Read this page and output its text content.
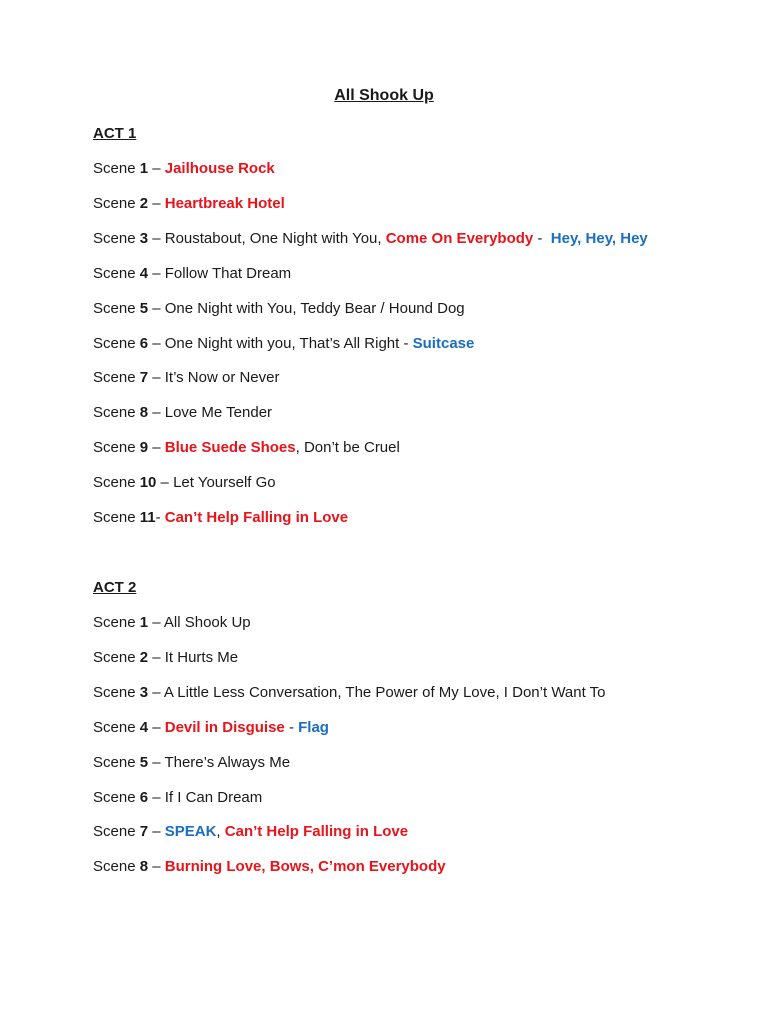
All Shook Up
ACT 1
Scene 1 – Jailhouse Rock
Scene 2 – Heartbreak Hotel
Scene 3 – Roustabout, One Night with You, Come On Everybody -  Hey, Hey, Hey
Scene 4 – Follow That Dream
Scene 5 – One Night with You, Teddy Bear / Hound Dog
Scene 6 – One Night with you, That’s All Right - Suitcase
Scene 7 – It’s Now or Never
Scene 8 – Love Me Tender
Scene 9 – Blue Suede Shoes, Don’t be Cruel
Scene 10 – Let Yourself Go
Scene 11- Can’t Help Falling in Love
ACT 2
Scene 1 – All Shook Up
Scene 2 – It Hurts Me
Scene 3 – A Little Less Conversation, The Power of My Love, I Don’t Want To
Scene 4 – Devil in Disguise - Flag
Scene 5 – There’s Always Me
Scene 6 – If I Can Dream
Scene 7 – SPEAK, Can’t Help Falling in Love
Scene 8 – Burning Love, Bows, C’mon Everybody
